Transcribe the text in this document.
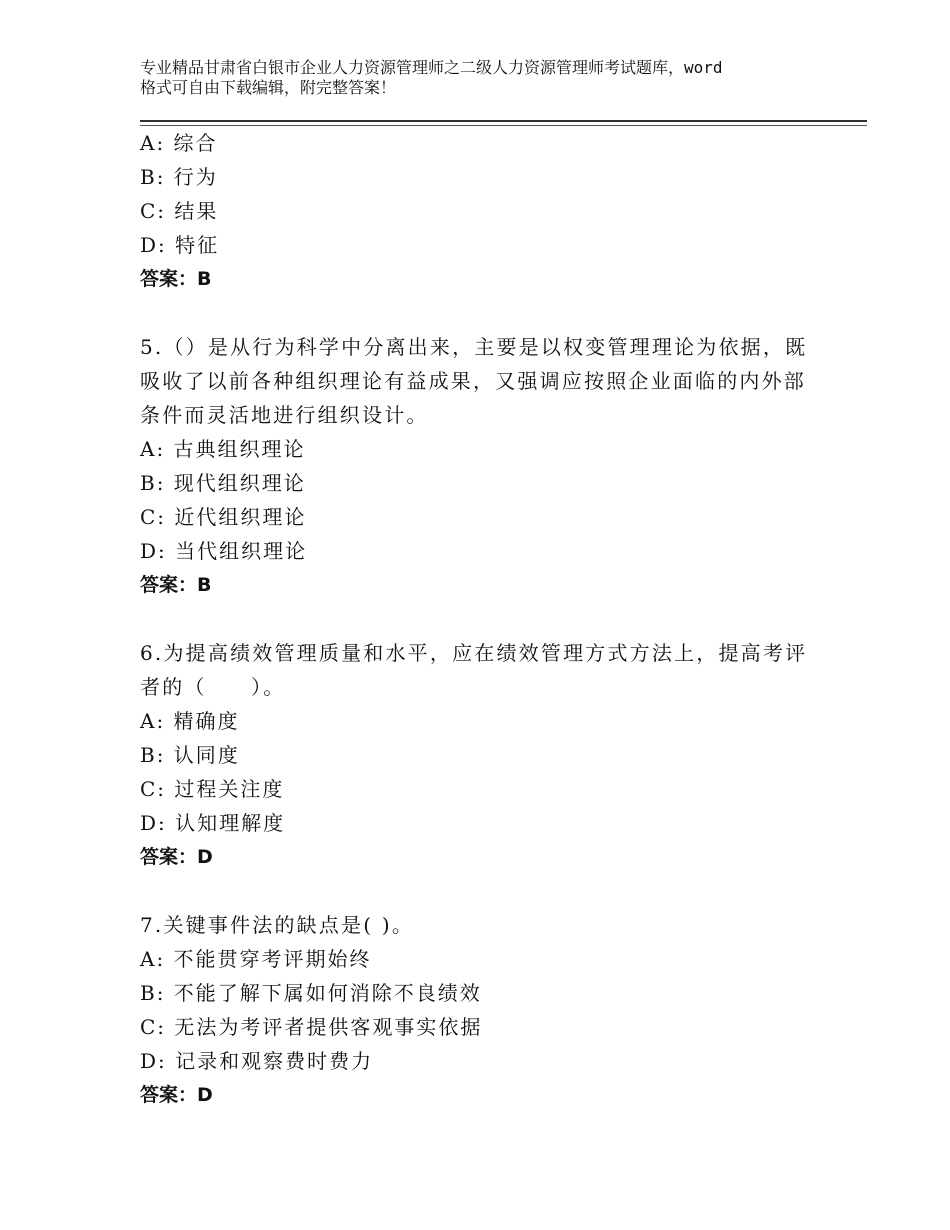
专业精品甘肃省白银市企业人力资源管理师之二级人力资源管理师考试题库，word
格式可自由下载编辑，附完整答案！
A: 综合
B: 行为
C: 结果
D: 特征
答案：B
5.（）是从行为科学中分离出来，主要是以权变管理理论为依据，既
吸收了以前各种组织理论有益成果，又强调应按照企业面临的内外部
条件而灵活地进行组织设计。
A: 古典组织理论
B: 现代组织理论
C: 近代组织理论
D: 当代组织理论
答案：B
6.为提高绩效管理质量和水平，应在绩效管理方式方法上，提高考评
者的（　　）。
A: 精确度
B: 认同度
C: 过程关注度
D: 认知理解度
答案：D
7.关键事件法的缺点是( )。
A: 不能贯穿考评期始终
B: 不能了解下属如何消除不良绩效
C: 无法为考评者提供客观事实依据
D: 记录和观察费时费力
答案：D
